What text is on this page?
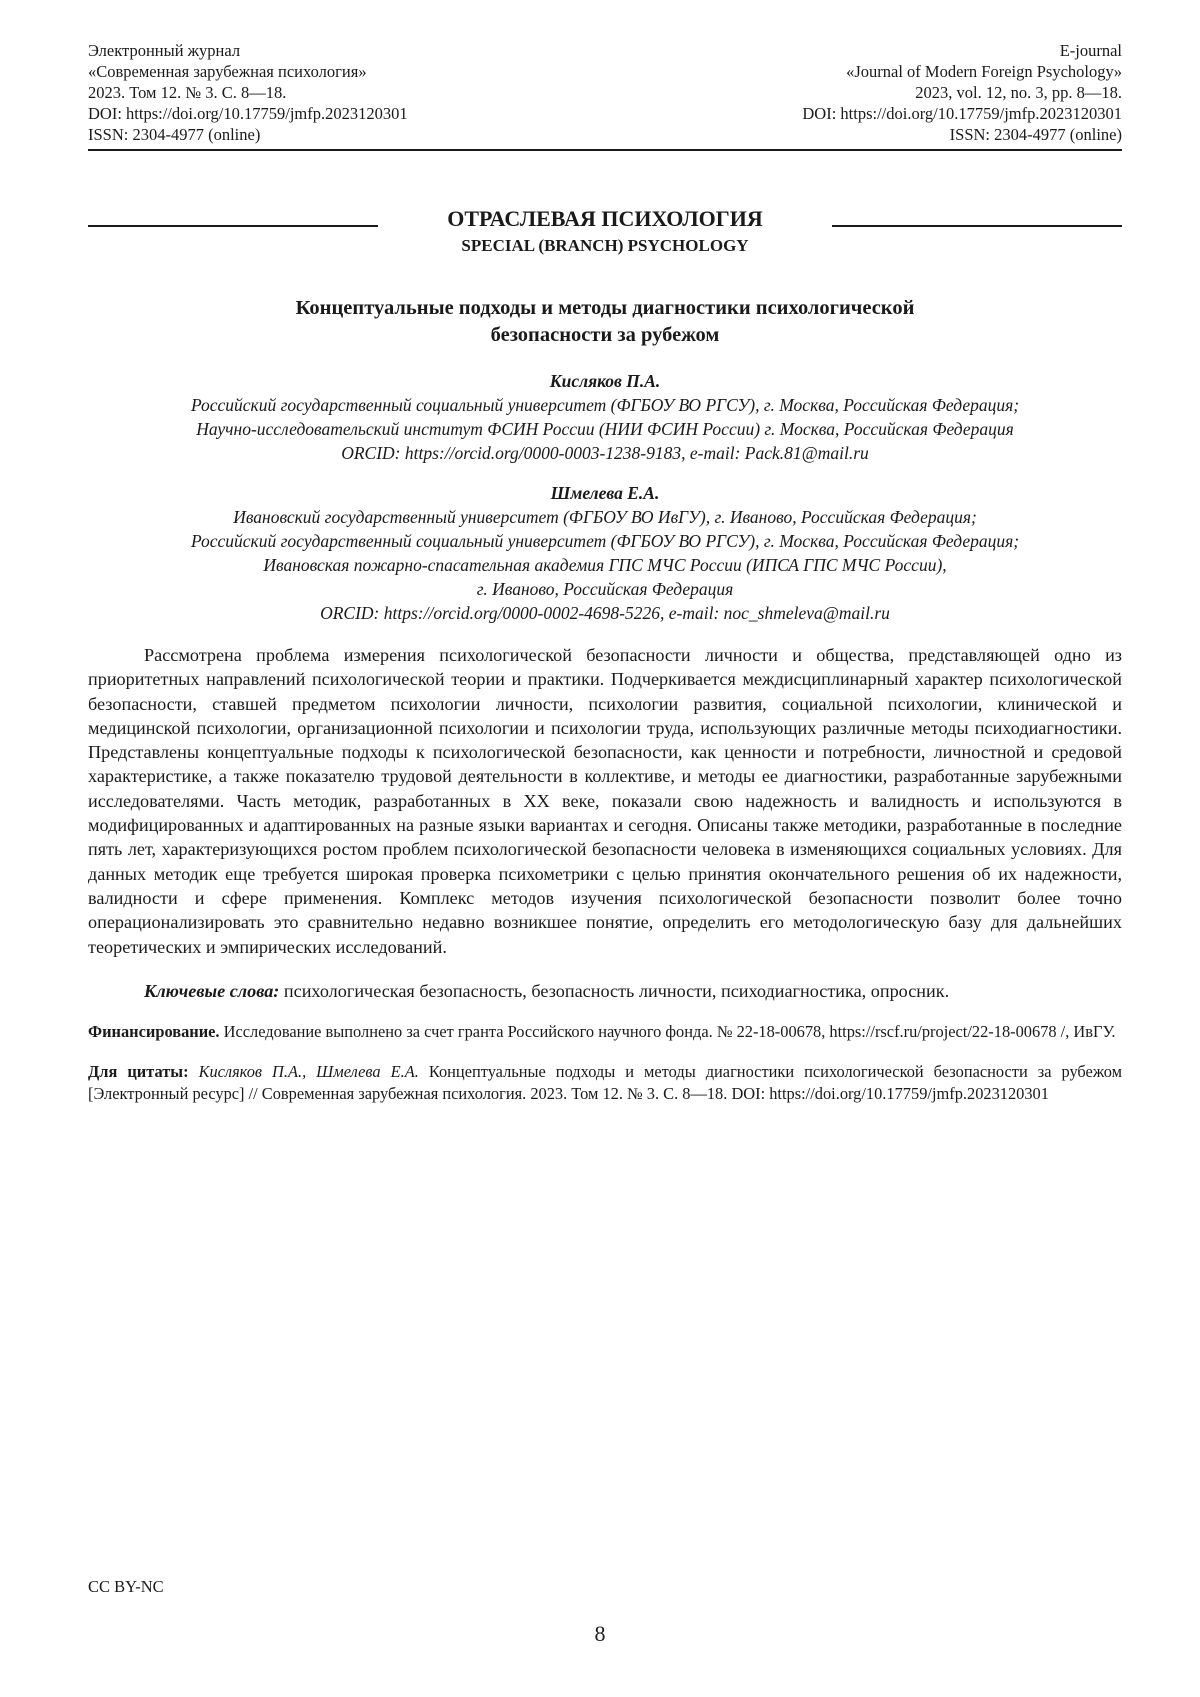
Электронный журнал
«Современная зарубежная психология»
2023. Том 12. № 3. С. 8—18.
DOI: https://doi.org/10.17759/jmfp.2023120301
ISSN: 2304-4977 (online)
E-journal
«Journal of Modern Foreign Psychology»
2023, vol. 12, no. 3, pp. 8—18.
DOI: https://doi.org/10.17759/jmfp.2023120301
ISSN: 2304-4977 (online)
ОТРАСЛЕВАЯ ПСИХОЛОГИЯ
SPECIAL (BRANCH) PSYCHOLOGY
Концептуальные подходы и методы диагностики психологической
безопасности за рубежом
Кисляков П.А.
Российский государственный социальный университет (ФГБОУ ВО РГСУ), г. Москва, Российская Федерация;
Научно-исследовательский институт ФСИН России (НИИ ФСИН России) г. Москва, Российская Федерация
ORCID: https://orcid.org/0000-0003-1238-9183, e-mail: Pack.81@mail.ru
Шмелева Е.А.
Ивановский государственный университет (ФГБОУ ВО ИвГУ), г. Иваново, Российская Федерация;
Российский государственный социальный университет (ФГБОУ ВО РГСУ), г. Москва, Российская Федерация;
Ивановская пожарно-спасательная академия ГПС МЧС России (ИПСА ГПС МЧС России),
г. Иваново, Российская Федерация
ORCID: https://orcid.org/0000-0002-4698-5226, e-mail: noc_shmeleva@mail.ru

Рассмотрена проблема измерения психологической безопасности личности и общества, представляющей одно из приоритетных направлений психологической теории и практики. Подчеркивается междисциплинарный характер психологической безопасности, ставшей предметом психологии личности, психологии развития, социальной психологии, клинической и медицинской психологии, организационной психологии и психологии труда, использующих различные методы психодиагностики. Представлены концептуальные подходы к психологической безопасности, как ценности и потребности, личностной и средовой характеристике, а также показателю трудовой деятельности в коллективе, и методы ее диагностики, разработанные зарубежными исследователями. Часть методик, разработанных в XX веке, показали свою надежность и валидность и используются в модифицированных и адаптированных на разные языки вариантах и сегодня. Описаны также методики, разработанные в последние пять лет, характеризующихся ростом проблем психологической безопасности человека в изменяющихся социальных условиях. Для данных методик еще требуется широкая проверка психометрики с целью принятия окончательного решения об их надежности, валидности и сфере применения. Комплекс методов изучения психологической безопасности позволит более точно операционализировать это сравнительно недавно возникшее понятие, определить его методологическую базу для дальнейших теоретических и эмпирических исследований.

Ключевые слова: психологическая безопасность, безопасность личности, психодиагностика, опросник.

Финансирование. Исследование выполнено за счет гранта Российского научного фонда. № 22-18-00678, https://rscf.ru/project/22-18-00678 /, ИвГУ.

Для цитаты: Кисляков П.А., Шмелева Е.А. Концептуальные подходы и методы диагностики психологической безопасности за рубежом [Электронный ресурс] // Современная зарубежная психология. 2023. Том 12. № 3. С. 8—18. DOI: https://doi.org/10.17759/jmfp.2023120301

CC BY-NC
8
